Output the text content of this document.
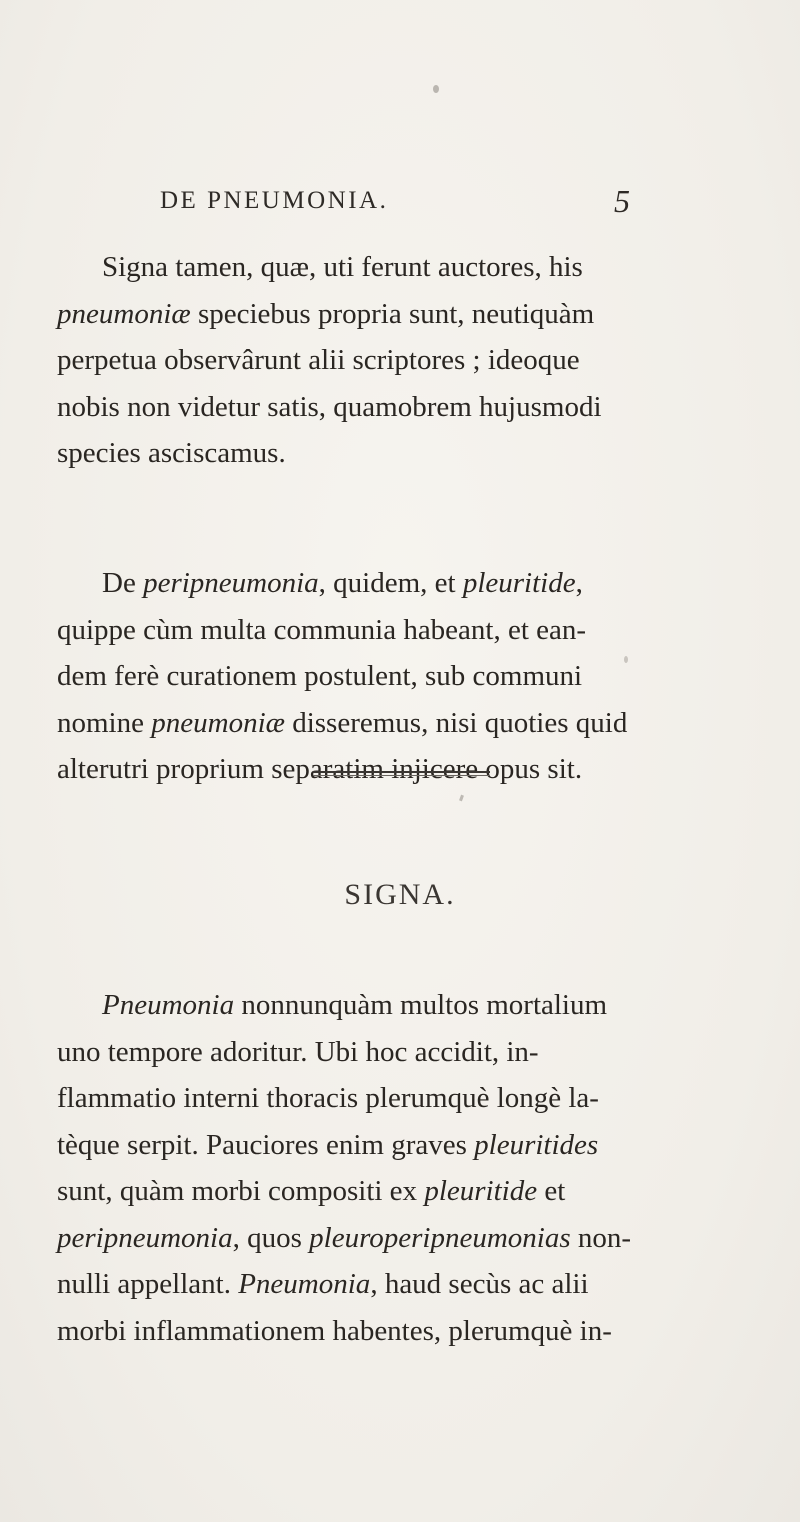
DE PNEUMONIA.	5

Signa tamen, quæ, uti ferunt auctores, his
pneumoniæ speciebus propria sunt, neutiquàm
perpetua observârunt alii scriptores ; ideoque
nobis non videtur satis, quamobrem hujusmodi
species asciscamus.

De peripneumonia, quidem, et pleuritide,
quippe cùm multa communia habeant, et ean-
dem ferè curationem postulent, sub communi
nomine pneumoniæ disseremus, nisi quoties quid
alterutri proprium separatim injicere opus sit.

SIGNA.

Pneumonia nonnunquàm multos mortalium
uno tempore adoritur. Ubi hoc accidit, in-
flammatio interni thoracis plerumquè longè la-
tèque serpit. Pauciores enim graves pleuritides
sunt, quàm morbi compositi ex pleuritide et
peripneumonia, quos pleuroperipneumonias non-
nulli appellant. Pneumonia, haud secùs ac alii
morbi inflammationem habentes, plerumquè in-
